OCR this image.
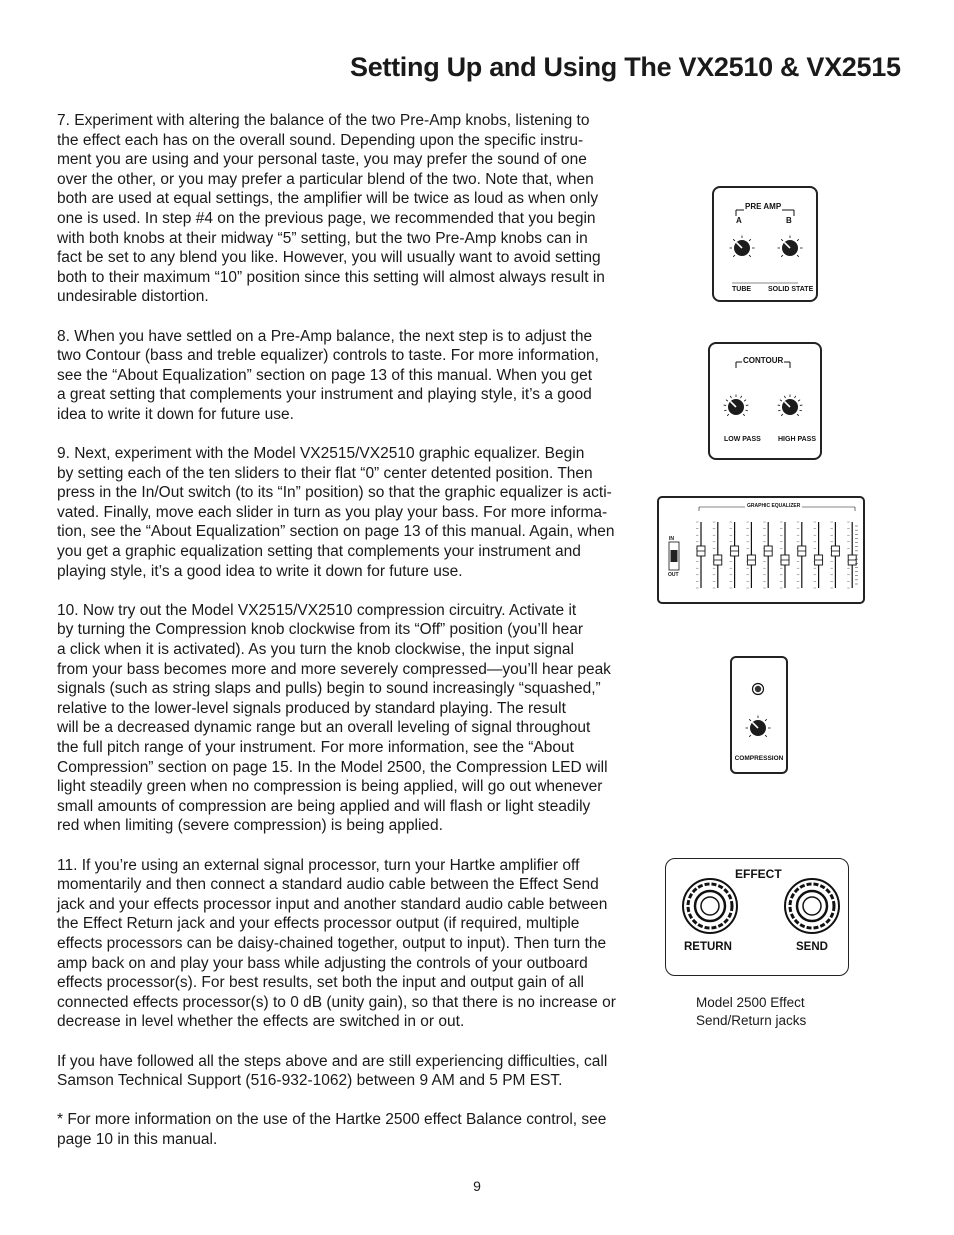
Setting Up and Using The VX2510 & VX2515

7. Experiment with altering the balance of the two Pre-Amp knobs, listening to
the effect each has on the overall sound. Depending upon the specific instru-
ment you are using and your personal taste, you may prefer the sound of one
over the other, or you may prefer a particular blend of the two. Note that, when
both are used at equal settings, the amplifier will be twice as loud as when only
one is used. In step #4 on the previous page, we recommended that you begin
with both knobs at their midway “5” setting, but the two Pre-Amp knobs can in
fact be set to any blend you like. However, you will usually want to avoid setting
both to their maximum “10” position since this setting will almost always result in
undesirable distortion.

8. When you have settled on a Pre-Amp balance, the next step is to adjust the
two Contour (bass and treble equalizer) controls to taste. For more information,
see the “About Equalization” section on page 13 of this manual. When you get
a great setting that complements your instrument and playing style, it’s a good
idea to write it down for future use.

9. Next, experiment with the Model VX2515/VX2510 graphic equalizer. Begin
by setting each of the ten sliders to their flat “0” center detented position. Then
press in the In/Out switch (to its “In” position) so that the graphic equalizer is acti-
vated. Finally, move each slider in turn as you play your bass. For more informa-
tion, see the “About Equalization” section on page 13 of this manual. Again, when
you get a graphic equalization setting that complements your instrument and
playing style, it’s a good idea to write it down for future use.

10. Now try out the Model VX2515/VX2510 compression circuitry. Activate it
by turning the Compression knob clockwise from its “Off” position (you’ll hear
a click when it is activated). As you turn the knob clockwise, the input signal
from your bass becomes more and more severely compressed—you’ll hear peak
signals (such as string slaps and pulls) begin to sound increasingly “squashed,”
relative to the lower-level signals produced by standard playing. The result
will be a decreased dynamic range but an overall leveling of signal throughout
the full pitch range of your instrument. For more information, see the “About
Compression” section on page 15. In the Model 2500, the Compression LED will
light steadily green when no compression is being applied, will go out whenever
small amounts of compression are being applied and will flash or light steadily
red when limiting (severe compression) is being applied.

11. If you’re using an external signal processor, turn your Hartke amplifier off
momentarily and then connect a standard audio cable between the Effect Send
jack and your effects processor input and another standard audio cable between
the Effect Return jack and your effects processor output (if required, multiple
effects processors can be daisy-chained together, output to input). Then turn the
amp back on and play your bass while adjusting the controls of your outboard
effects processor(s). For best results, set both the input and output gain of all
connected effects processor(s) to 0 dB (unity gain), so that there is no increase or
decrease in level whether the effects are switched in or out.

If you have followed all the steps above and are still experiencing difficulties, call
Samson Technical Support (516-932-1062) between 9 AM and 5 PM EST.

* For more information on the use of the Hartke 2500 effect Balance control, see
page 10 in this manual.

PRE AMP
A	B
TUBE SOLID STATE
CONTOUR
LOW PASS HIGH PASS
GRAPHIC EQUALIZER
IN
OUT
COMPRESSION
EFFECT
RETURN	SEND
Model 2500 Effect
Send/Return jacks
9
